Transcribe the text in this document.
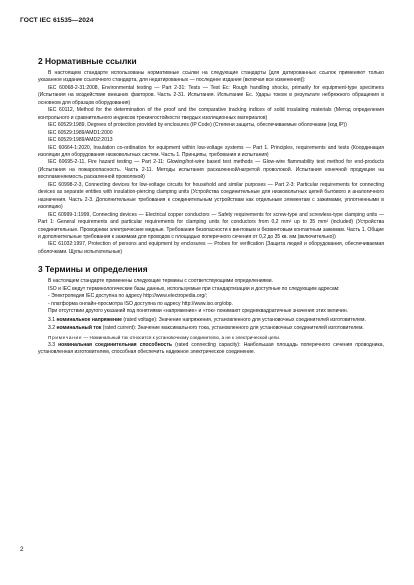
ГОСТ IEC 61535—2024
2 Нормативные ссылки

В настоящем стандарте использованы нормативные ссылки на следующие стандарты [для датированных ссылок применяют только указанное издание ссылочного стандарта, для недатированных — последнее издание (включая все изменения)]:

IEC 60068-2-31:2008, Environmental testing — Part 2-31: Tests — Test Ec: Rough handling shocks, primarily for equipment-type specimens (Испытания на воздействие внешних факторов. Часть 2-31. Испытания. Испытание Ес. Удары током в результате небрежного обращения в основном для образцов оборудования)

IEC 60112, Method for the determination of the proof and the comparative tracking indices of solid insulating materials (Метод определения контрольного и сравнительного индексов трекингостойкости твердых изоляционных материалов)

IEC 60529:1989, Degrees of protection provided by enclosures (IP Code) (Степени защиты, обеспечиваемые оболочками (код IP))

IEC 60529:1989/AMD1:2000

IEC 60529:1989/AMD2:2013

IEC 60664-1:2020, Insulation co-ordination for equipment within low-voltage systems — Part 1. Principles, requirements and tests (Координация изоляции для оборудования низковольтных систем. Часть 1. Принципы, требования и испытания)

IEC 60695-2-11, Fire hazard testing — Part 2-11: Glowing/hot-wire based test methods — Glow-wire flammability test method for end-products (Испытания на пожароопасность. Часть 2-11. Методы испытания раскаленной/нагретой проволокой. Испытания конечной продукции на воспламеняемость раскаленной проволокой)

IEC 60998-2-3, Connecting devices for low-voltage circuits for household and similar purposes — Part 2-3: Particular requirements for connecting devices as separate entities with insulation-piercing clamping units (Устройства соединительные для низковольтных цепей бытового и аналогичного назначения. Часть 2-3. Дополнительные требования к соединительным устройствам как отдельным элементам с зажимами, уплотненными в изоляцию)

IEC 60999-1:1999, Connecting devices — Electrical copper conductors — Safety requirements for screw-type and screwless-type clamping units — Part 1: General requirements and particular requirements for clamping units for conductors from 0,2 mm² up to 35 mm² (included) (Устройства соединительные. Проводники электрические медные. Требования безопасности к винтовым и безвинтовым контактным зажимам. Часть 1. Общие и дополнительные требования к зажимам для проводов с площадью поперечного сечения от 0,2 до 35 кв. мм (включительно))

IEC 61032:1997, Protection of persons and equipment by enclosures — Probes for verification (Защита людей и оборудования, обеспечиваемая оболочками. Щупы испытательные)

3 Термины и определения

В настоящем стандарте применены следующие термины с соответствующими определениями.

ISO и IEC ведут терминологические базы данных, используемые при стандартизации и доступные по следующим адресам:

- Электропедия IEC доступна по адресу http://www.electropedia.org/;

- платформа онлайн-просмотра ISO доступна по адресу http://www.iso.org/obp.

При отсутствии другого указаний под понятиями «напряжение» и «ток» понимают среднеквадратичные значения этих величин.

3.1 номинальное напряжение (rated voltage): Значение напряжения, установленного для установочных соединителей изготовителем.

3.2 номинальный ток (rated current): Значение максимального тока, установленного для установочных соединителей изготовителем.

Примечание — Номинальный ток относится к установочному соединителю, а не к электрической цепи.

3.3 номинальная соединительная способность (rated connecting capacity): Наибольшая площадь поперечного сечения проводника, установленная изготовителем, способная обеспечить надежное электрическое соединение.

2
